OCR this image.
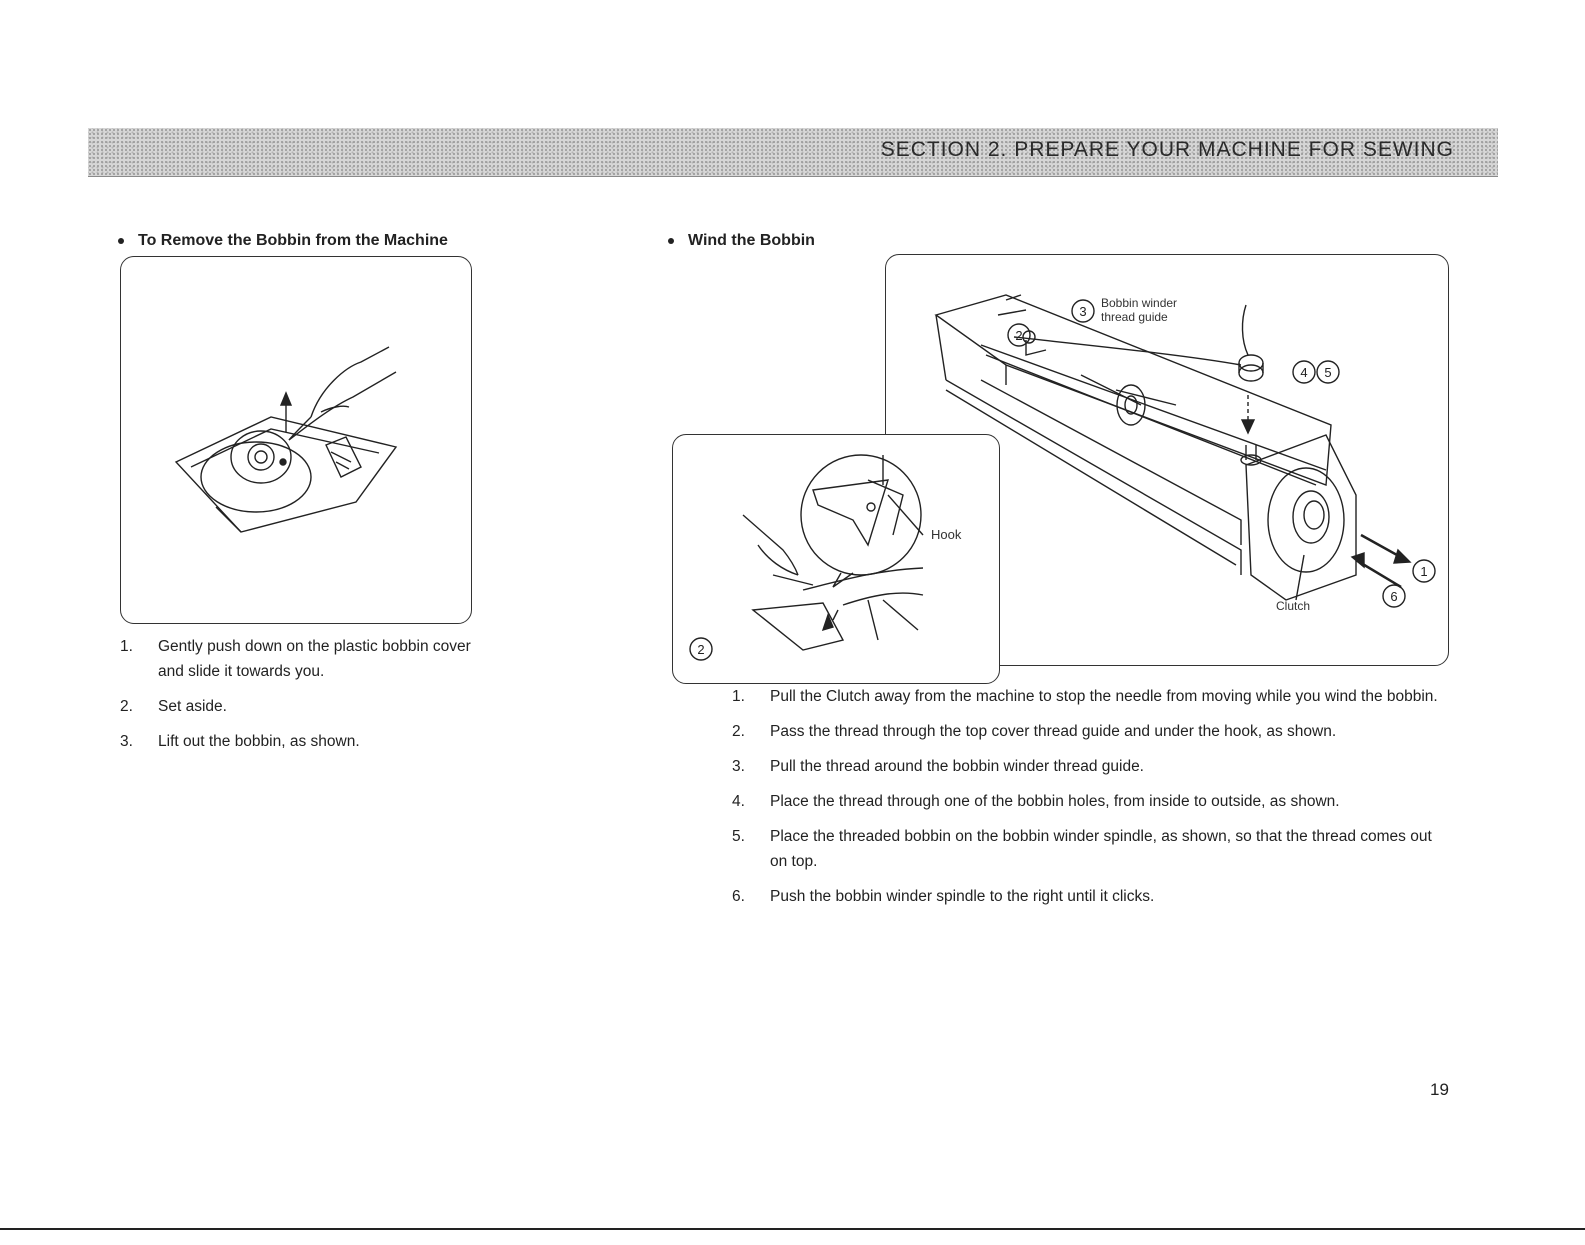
SECTION 2. PREPARE YOUR MACHINE FOR SEWING
To Remove the Bobbin from the Machine
1. Gently push down on the plastic bobbin cover and slide it towards you.
2. Set aside.
3. Lift out the bobbin, as shown.
Wind the Bobbin
3
2
4 5
1
6
Bobbin winder
thread guide
Clutch
2
Hook
1. Pull the Clutch away from the machine to stop the needle from moving while you wind the bobbin.
2. Pass the thread through the top cover thread guide and under the hook, as shown.
3. Pull the thread around the bobbin winder thread guide.
4. Place the thread through one of the bobbin holes, from inside to outside, as shown.
5. Place the threaded bobbin on the bobbin winder spindle, as shown, so that the thread comes out on top.
6. Push the bobbin winder spindle to the right until it clicks.
19
